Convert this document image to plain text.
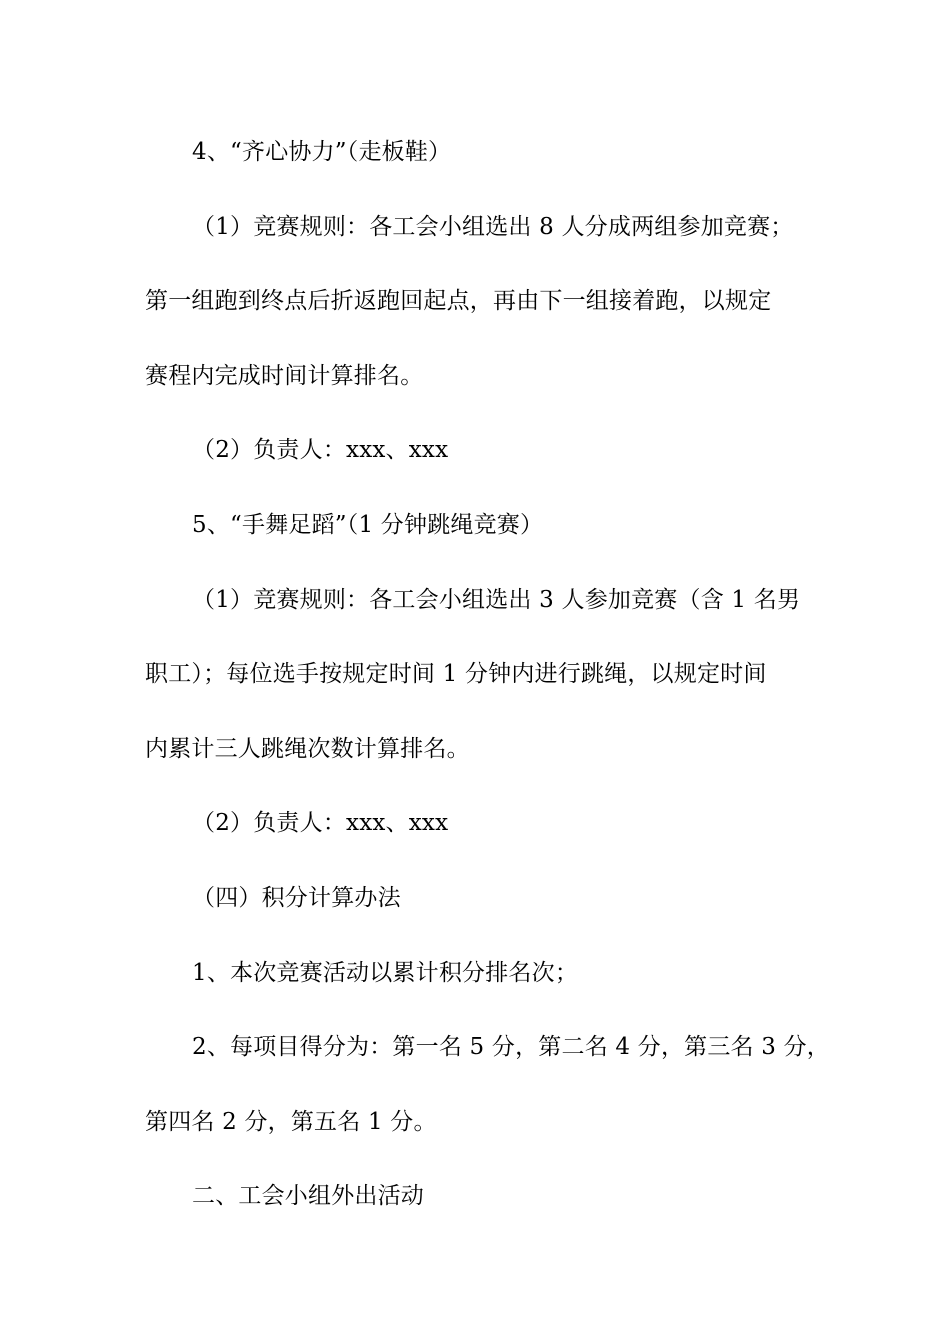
4、“齐心协力”（走板鞋）
（1）竞赛规则：各工会小组选出 8 人分成两组参加竞赛；
第一组跑到终点后折返跑回起点，再由下一组接着跑，以规定
赛程内完成时间计算排名。
（2）负责人：xxx、xxx
5、“手舞足蹈”（1 分钟跳绳竞赛）
（1）竞赛规则：各工会小组选出 3 人参加竞赛（含 1 名男
职工）；每位选手按规定时间 1 分钟内进行跳绳，以规定时间
内累计三人跳绳次数计算排名。
（2）负责人：xxx、xxx
（四）积分计算办法
1、本次竞赛活动以累计积分排名次；
2、每项目得分为：第一名 5 分，第二名 4 分，第三名 3 分，
第四名 2 分，第五名 1 分。
二、工会小组外出活动
